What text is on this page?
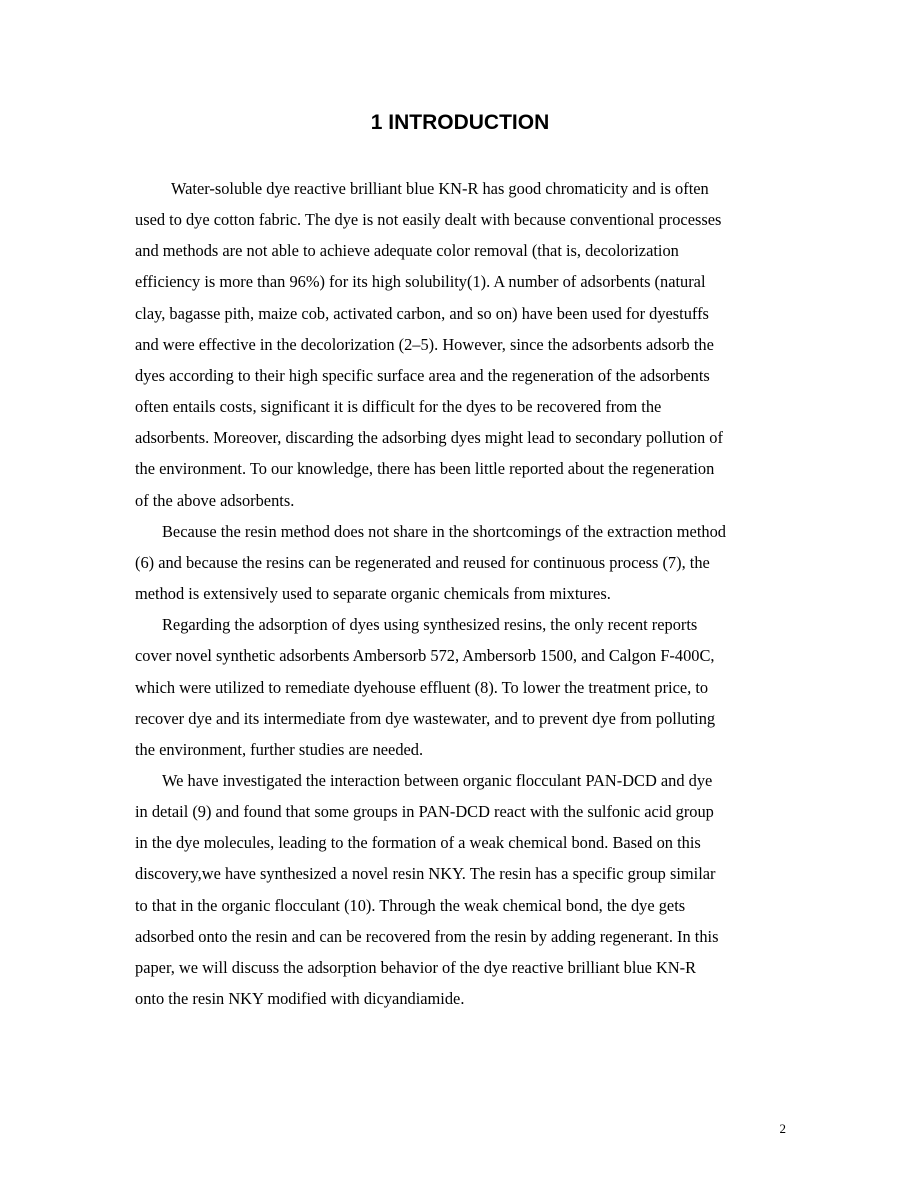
1 INTRODUCTION

Water-soluble dye reactive brilliant blue KN-R has good chromaticity and is often
used to dye cotton fabric. The dye is not easily dealt with because conventional processes
and methods are not able to achieve adequate color removal (that is, decolorization
efficiency is more than 96%) for its high solubility(1). A number of adsorbents (natural
clay, bagasse pith, maize cob, activated carbon, and so on) have been used for dyestuffs
and were effective in the decolorization (2–5). However, since the adsorbents adsorb the
dyes according to their high specific surface area and the regeneration of the adsorbents
often entails costs, significant it is difficult for the dyes to be recovered from the
adsorbents. Moreover, discarding the adsorbing dyes might lead to secondary pollution of
the environment. To our knowledge, there has been little reported about the regeneration
of the above adsorbents.

Because the resin method does not share in the shortcomings of the extraction method
(6) and because the resins can be regenerated and reused for continuous process (7), the
method is extensively used to separate organic chemicals from mixtures.

Regarding the adsorption of dyes using synthesized resins, the only recent reports
cover novel synthetic adsorbents Ambersorb 572, Ambersorb 1500, and Calgon F-400C,
which were utilized to remediate dyehouse effluent (8). To lower the treatment price, to
recover dye and its intermediate from dye wastewater, and to prevent dye from polluting
the environment, further studies are needed.

We have investigated the interaction between organic flocculant PAN-DCD and dye
in detail (9) and found that some groups in PAN-DCD react with the sulfonic acid group
in the dye molecules, leading to the formation of a weak chemical bond. Based on this
discovery,we have synthesized a novel resin NKY. The resin has a specific group similar
to that in the organic flocculant (10). Through the weak chemical bond, the dye gets
adsorbed onto the resin and can be recovered from the resin by adding regenerant. In this
paper, we will discuss the adsorption behavior of the dye reactive brilliant blue KN-R
onto the resin NKY modified with dicyandiamide.

2
